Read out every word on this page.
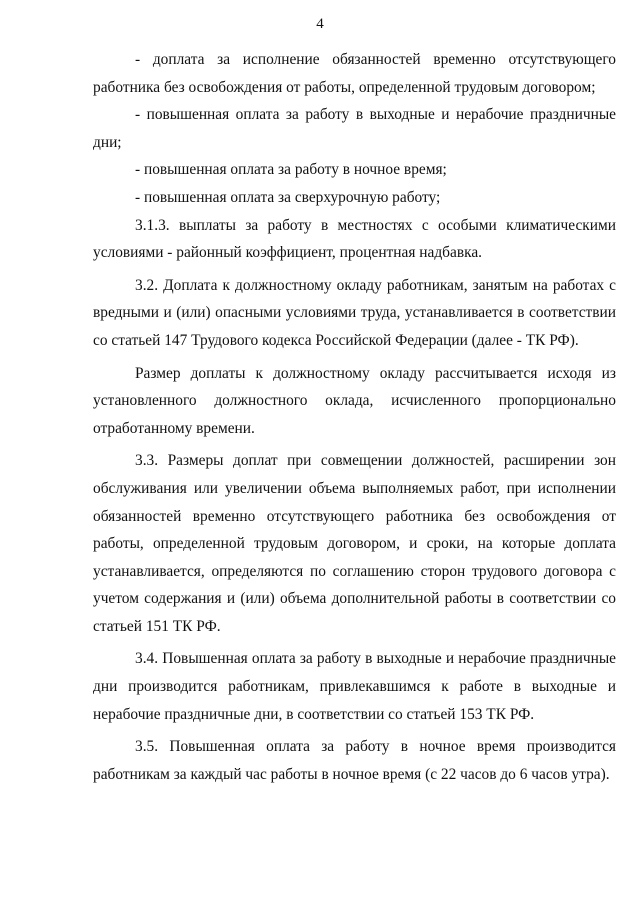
4

- доплата за исполнение обязанностей временно отсутствующего работника без освобождения от работы, определенной трудовым договором;

- повышенная оплата за работу в выходные и нерабочие праздничные дни;

- повышенная оплата за работу в ночное время;

- повышенная оплата за сверхурочную работу;

3.1.3. выплаты за работу в местностях с особыми климатическими условиями - районный коэффициент, процентная надбавка.

3.2. Доплата к должностному окладу работникам, занятым на работах с вредными и (или) опасными условиями труда, устанавливается в соответствии со статьей 147 Трудового кодекса Российской Федерации (далее - ТК РФ).

Размер доплаты к должностному окладу рассчитывается исходя из установленного должностного оклада, исчисленного пропорционально отработанному времени.

3.3. Размеры доплат при совмещении должностей, расширении зон обслуживания или увеличении объема выполняемых работ, при исполнении обязанностей временно отсутствующего работника без освобождения от работы, определенной трудовым договором, и сроки, на которые доплата устанавливается, определяются по соглашению сторон трудового договора с учетом содержания и (или) объема дополнительной работы в соответствии со статьей 151 ТК РФ.

3.4. Повышенная оплата за работу в выходные и нерабочие праздничные дни производится работникам, привлекавшимся к работе в выходные и нерабочие праздничные дни, в соответствии со статьей 153 ТК РФ.

3.5. Повышенная оплата за работу в ночное время производится работникам за каждый час работы в ночное время (с 22 часов до 6 часов утра).
